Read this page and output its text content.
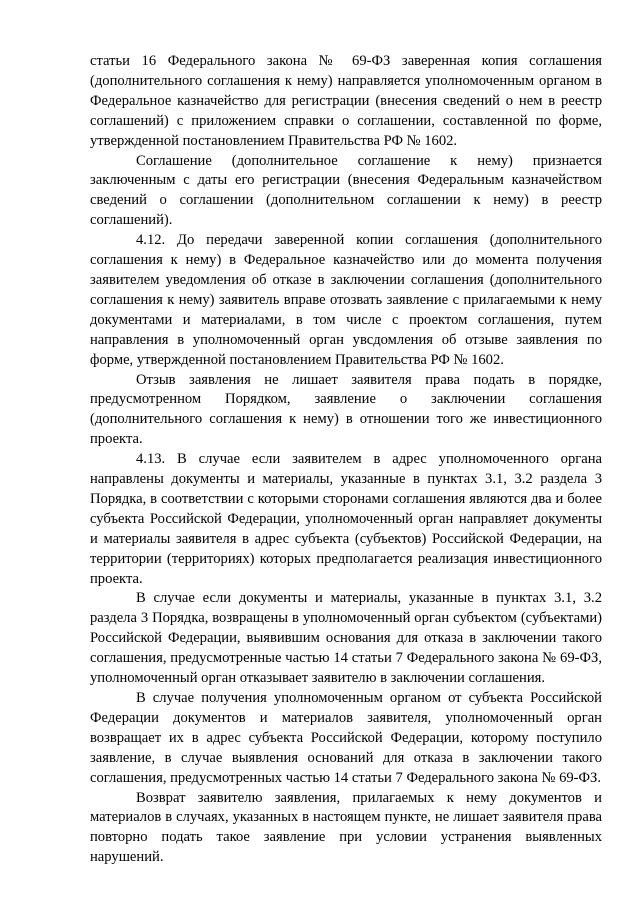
статьи 16 Федерального закона № 69-ФЗ заверенная копия соглашения (дополнительного соглашения к нему) направляется уполномоченным органом в Федеральное казначейство для регистрации (внесения сведений о нем в реестр соглашений) с приложением справки о соглашении, составленной по форме, утвержденной постановлением Правительства РФ № 1602.

Соглашение (дополнительное соглашение к нему) признается заключенным с даты его регистрации (внесения Федеральным казначейством сведений о соглашении (дополнительном соглашении к нему) в реестр соглашений).

4.12. До передачи заверенной копии соглашения (дополнительного соглашения к нему) в Федеральное казначейство или до момента получения заявителем уведомления об отказе в заключении соглашения (дополнительного соглашения к нему) заявитель вправе отозвать заявление с прилагаемыми к нему документами и материалами, в том числе с проектом соглашения, путем направления в уполномоченный орган увсдомления об отзыве заявления по форме, утвержденной постановлением Правительства РФ № 1602.

Отзыв заявления не лишает заявителя права подать в порядке, предусмотренном Порядком, заявление о заключении соглашения (дополнительного соглашения к нему) в отношении того же инвестиционного проекта.

4.13. В случае если заявителем в адрес уполномоченного органа направлены документы и материалы, указанные в пунктах 3.1, 3.2 раздела 3 Порядка, в соответствии с которыми сторонами соглашения являются два и более субъекта Российской Федерации, уполномоченный орган направляет документы и материалы заявителя в адрес субъекта (субъектов) Российской Федерации, на территории (территориях) которых предполагается реализация инвестиционного проекта.

В случае если документы и материалы, указанные в пунктах 3.1, 3.2 раздела 3 Порядка, возвращены в уполномоченный орган субъектом (субъектами) Российской Федерации, выявившим основания для отказа в заключении такого соглашения, предусмотренные частью 14 статьи 7 Федерального закона № 69-ФЗ, уполномоченный орган отказывает заявителю в заключении соглашения.

В случае получения уполномоченным органом от субъекта Российской Федерации документов и материалов заявителя, уполномоченный орган возвращает их в адрес субъекта Российской Федерации, которому поступило заявление, в случае выявления оснований для отказа в заключении такого соглашения, предусмотренных частью 14 статьи 7 Федерального закона № 69-ФЗ.

Возврат заявителю заявления, прилагаемых к нему документов и материалов в случаях, указанных в настоящем пункте, не лишает заявителя права повторно подать такое заявление при условии устранения выявленных нарушений.
